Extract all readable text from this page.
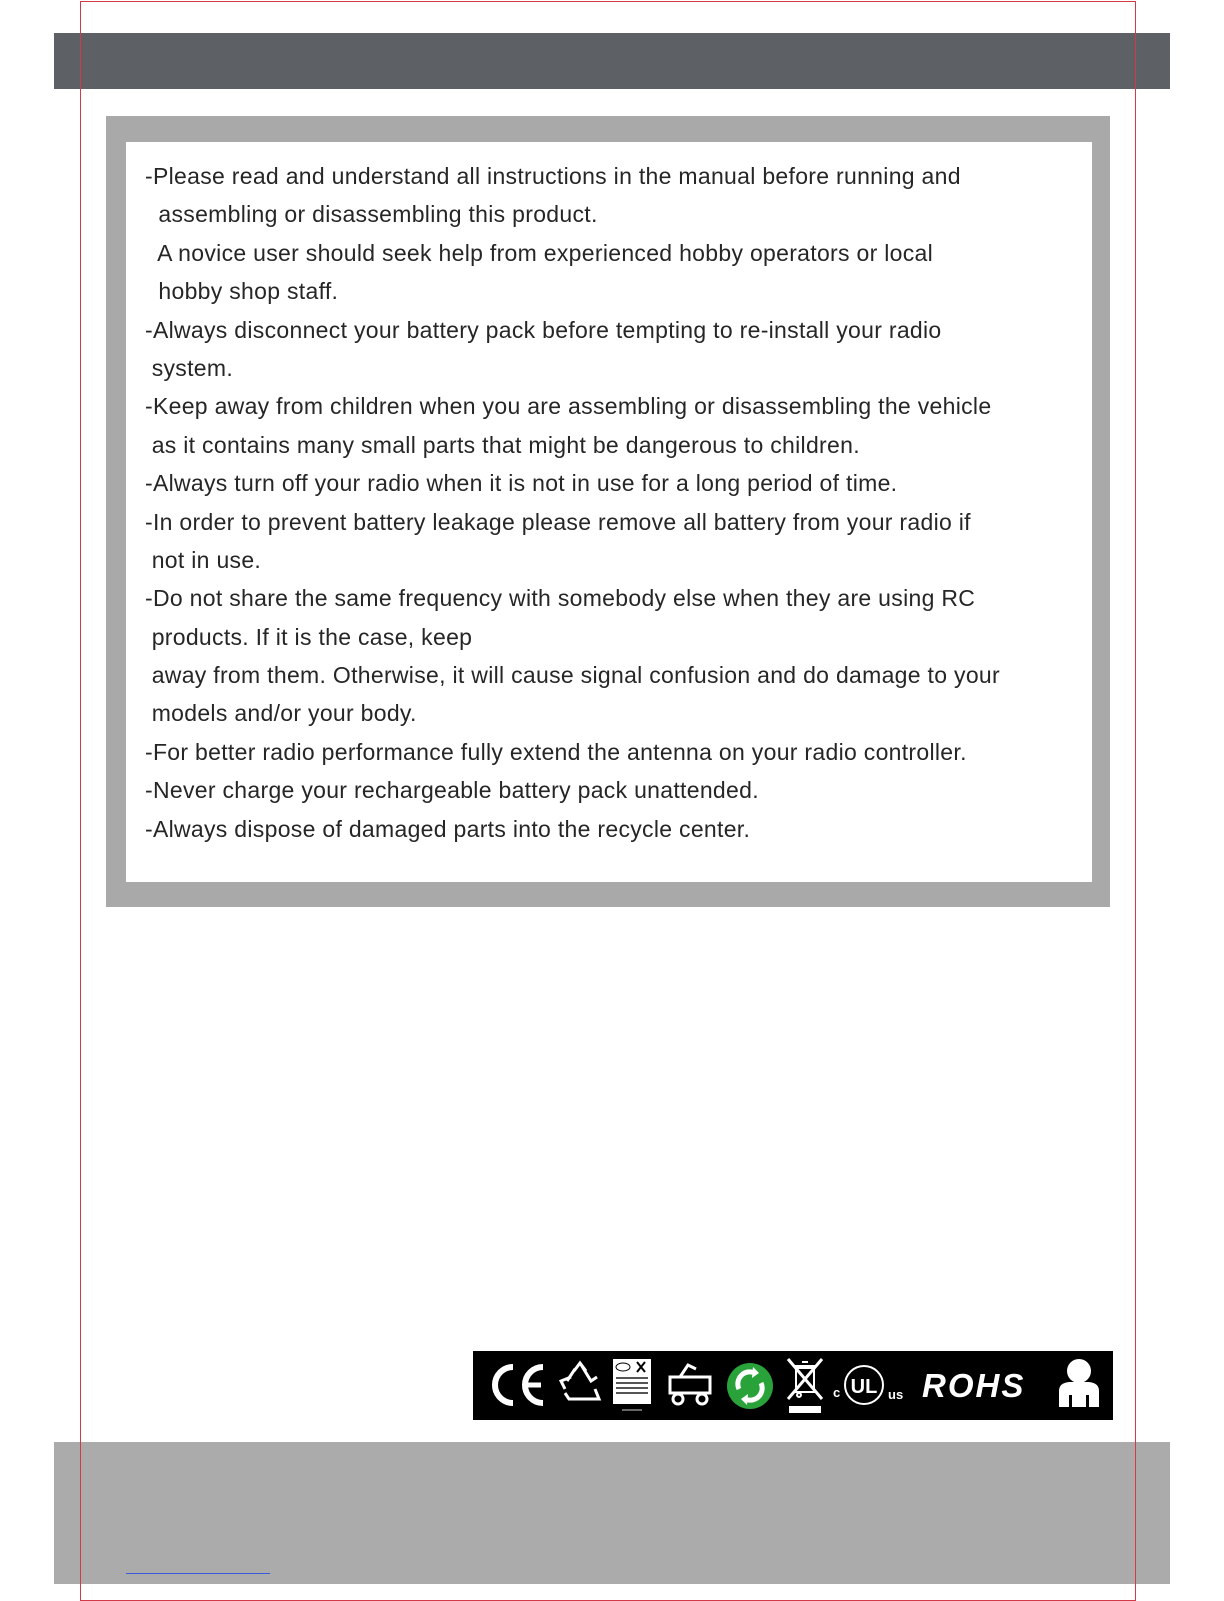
-Please read and understand all instructions in the manual before running and
assembling or disassembling this product.
A novice user should seek help from experienced hobby operators or local
hobby shop staff.
-Always disconnect your battery pack before tempting to re-install your radio
system.
-Keep away from children when you are assembling or disassembling the vehicle
as it contains many small parts that might be dangerous to children.
-Always turn off your radio when it is not in use for a long period of time.
-In order to prevent battery leakage please remove all battery from your radio if
not in use.
-Do not share the same frequency with somebody else when they are using RC
products. If it is the case, keep
away from them. Otherwise, it will cause signal confusion and do damage to your
models and/or your body.
-For better radio performance fully extend the antenna on your radio controller.
-Never charge your rechargeable battery pack unattended.
-Always dispose of damaged parts into the recycle center.
c UL us ROHS
